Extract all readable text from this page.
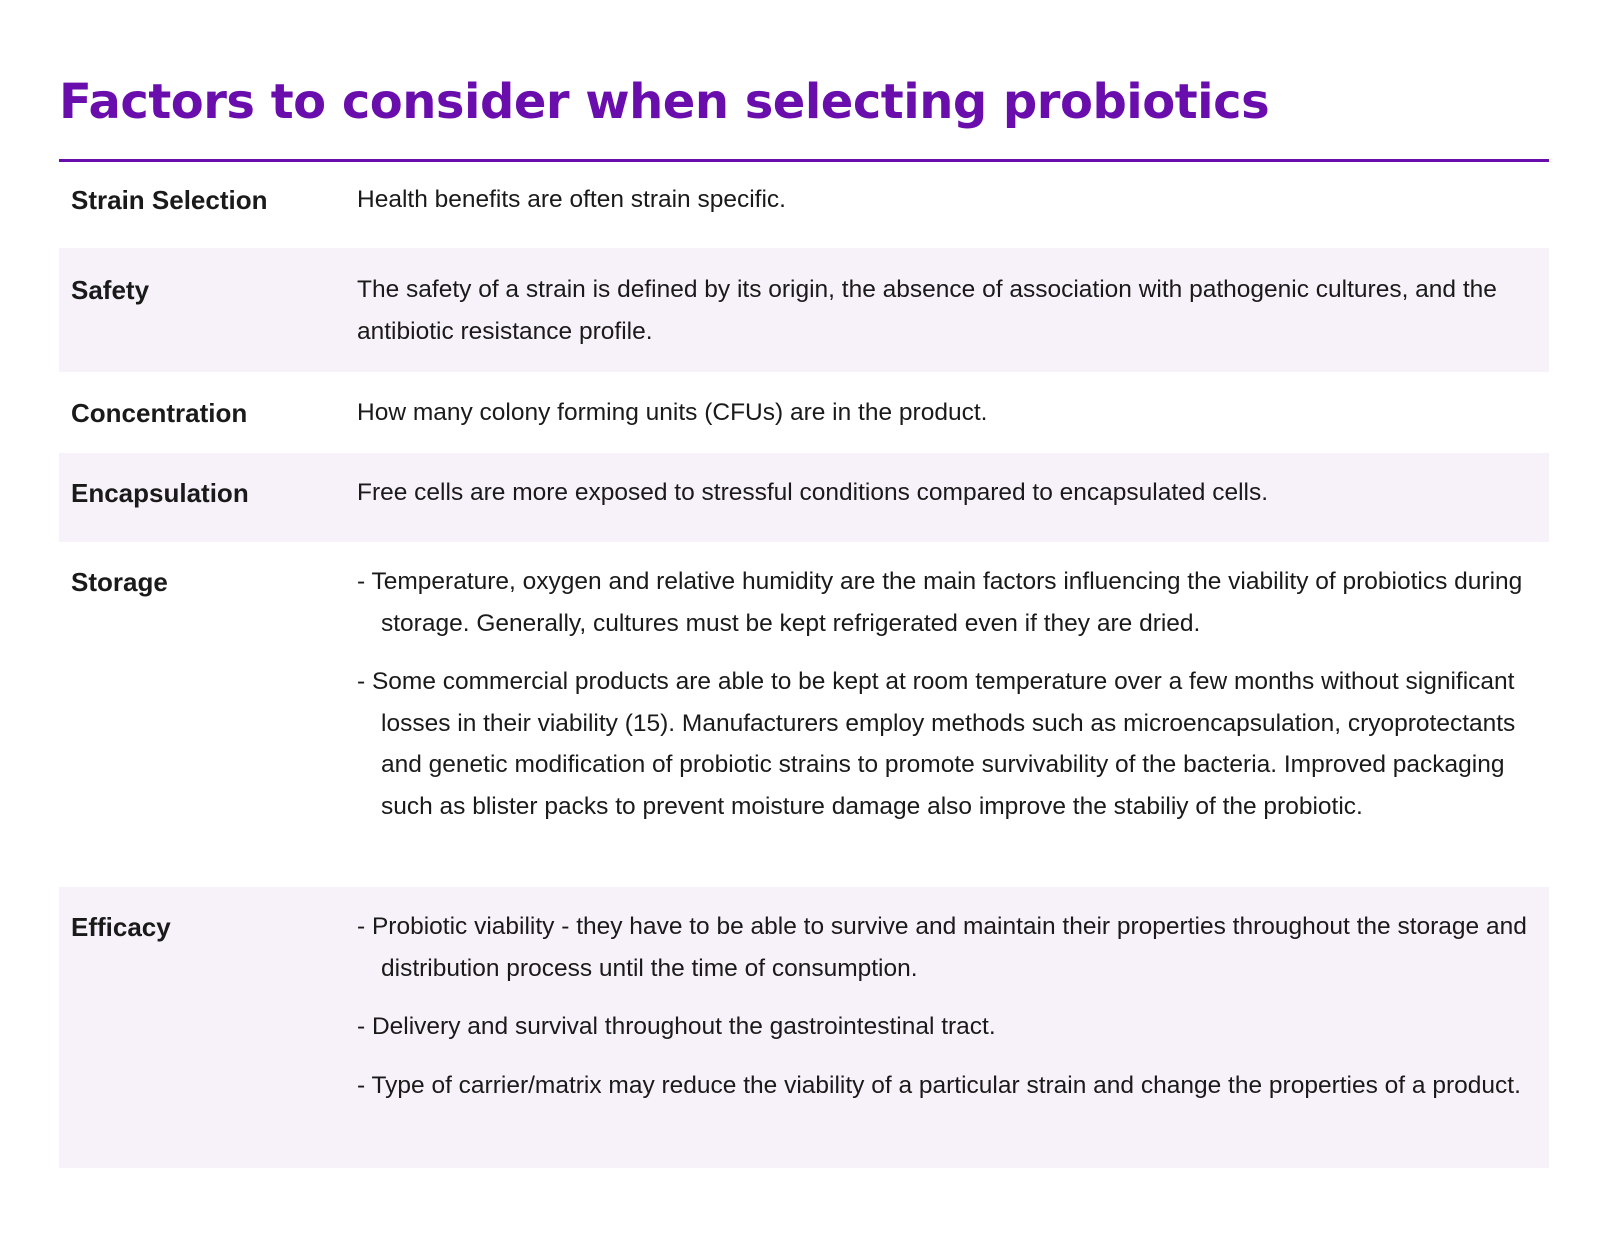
Factors to consider when selecting probiotics
Strain Selection	Health benefits are often strain specific.

Safety	The safety of a strain is defined by its origin, the absence of association with pathogenic cultures, and the antibiotic resistance profile.

Concentration	How many colony forming units (CFUs) are in the product.

Encapsulation	Free cells are more exposed to stressful conditions compared to encapsulated cells.

Storage	- Temperature, oxygen and relative humidity are the main factors influencing the viability of probiotics during storage. Generally, cultures must be kept refrigerated even if they are dried.

- Some commercial products are able to be kept at room temperature over a few months without significant losses in their viability (15). Manufacturers employ methods such as microencapsulation, cryoprotectants and genetic modification of probiotic strains to promote survivability of the bacteria. Improved packaging such as blister packs to prevent moisture damage also improve the stabiliy of the probiotic.

Efficacy	- Probiotic viability - they have to be able to survive and maintain their properties throughout the storage and distribution process until the time of consumption.

- Delivery and survival throughout the gastrointestinal tract.

- Type of carrier/matrix may reduce the viability of a particular strain and change the properties of a product.
